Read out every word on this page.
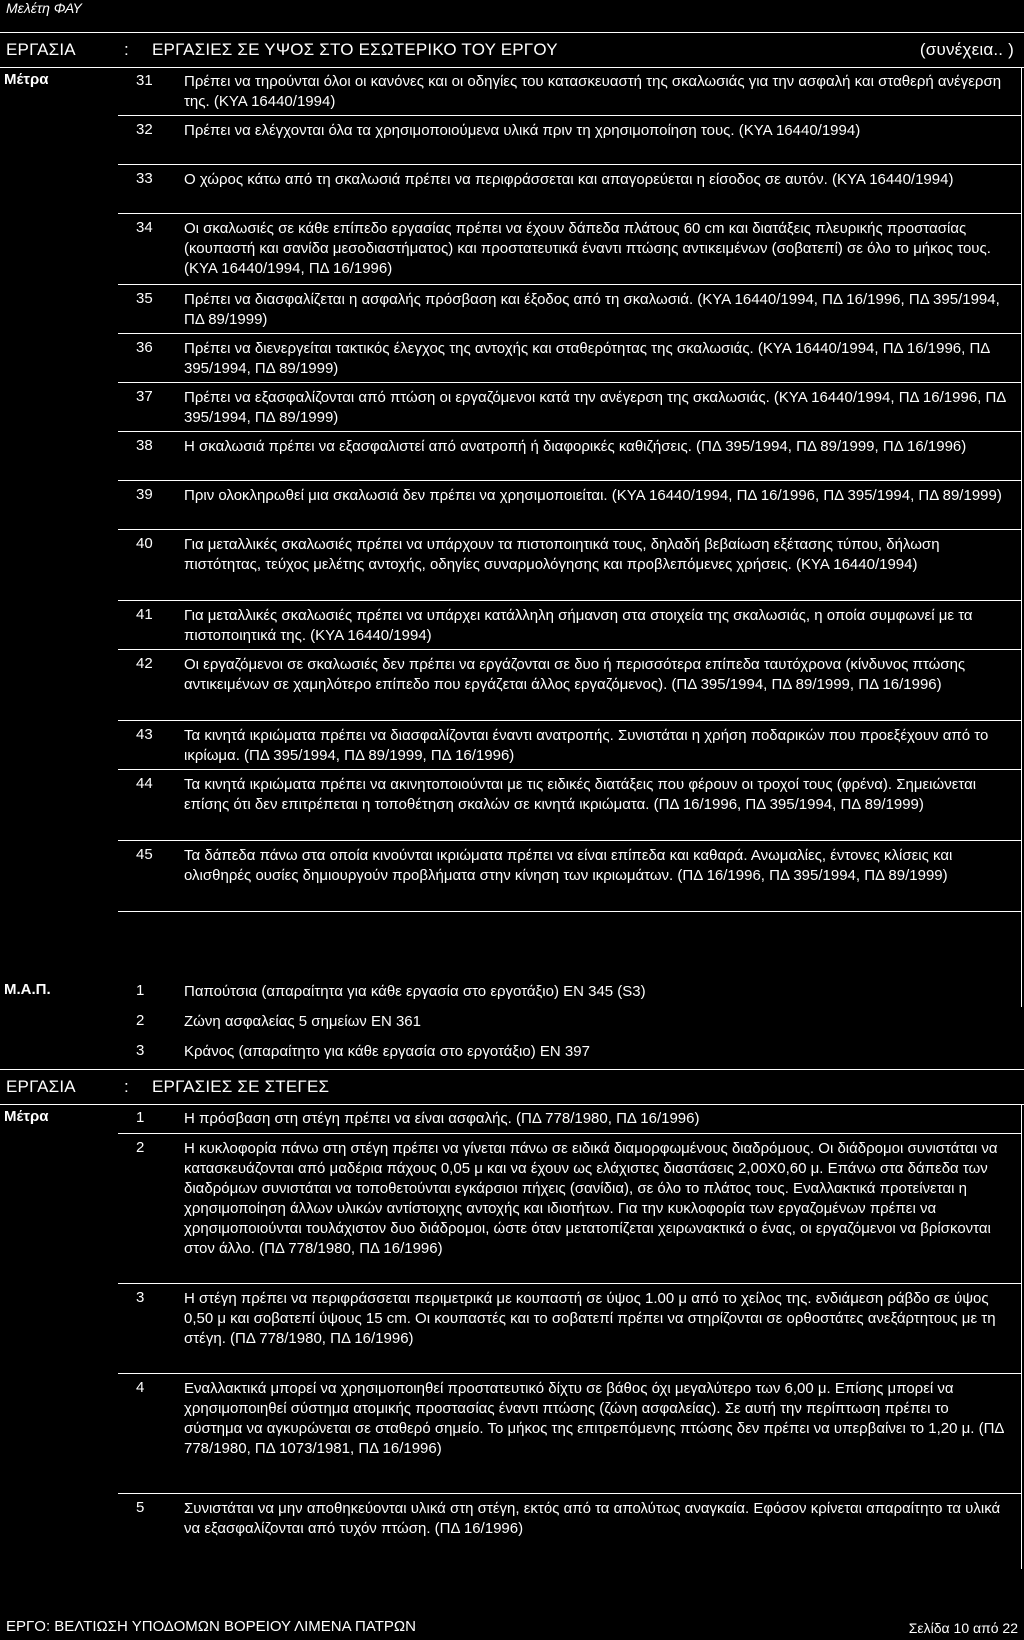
Μελέτη ΦΑΥ
ΕΡΓΑΣΙΑ	:	ΕΡΓΑΣΙΕΣ ΣΕ ΥΨΟΣ ΣΤΟ ΕΣΩΤΕΡΙΚΟ ΤΟΥ ΕΡΓΟΥ	(συνέχεια.. )
Μέτρα	31	Πρέπει να τηρούνται όλοι οι κανόνες και οι οδηγίες του κατασκευαστή της σκαλωσιάς για την ασφαλή και σταθερή ανέγερση της. (ΚΥΑ 16440/1994)
32	Πρέπει να ελέγχονται όλα τα χρησιμοποιούμενα υλικά πριν τη χρησιμοποίηση τους. (ΚΥΑ 16440/1994)
33	Ο χώρος κάτω από τη σκαλωσιά πρέπει να περιφράσσεται και απαγορεύεται η είσοδος σε αυτόν. (ΚΥΑ 16440/1994)
34	Οι σκαλωσιές σε κάθε επίπεδο εργασίας πρέπει να έχουν δάπεδα πλάτους 60 cm και διατάξεις πλευρικής προστασίας (κουπαστή και σανίδα μεσοδιαστήματος) και προστατευτικά έναντι πτώσης αντικειμένων (σοβατεπί) σε όλο το μήκος τους. (ΚΥΑ 16440/1994, ΠΔ 16/1996)
35	Πρέπει να διασφαλίζεται η ασφαλής πρόσβαση και έξοδος από τη σκαλωσιά. (ΚΥΑ 16440/1994, ΠΔ 16/1996, ΠΔ 395/1994, ΠΔ 89/1999)
36	Πρέπει να διενεργείται τακτικός έλεγχος της αντοχής και σταθερότητας της σκαλωσιάς. (ΚΥΑ 16440/1994, ΠΔ 16/1996, ΠΔ 395/1994, ΠΔ 89/1999)
37	Πρέπει να εξασφαλίζονται από πτώση οι εργαζόμενοι κατά την ανέγερση της σκαλωσιάς. (ΚΥΑ 16440/1994, ΠΔ 16/1996, ΠΔ 395/1994, ΠΔ 89/1999)
38	Η σκαλωσιά πρέπει να εξασφαλιστεί από ανατροπή ή διαφορικές καθιζήσεις. (ΠΔ 395/1994, ΠΔ 89/1999, ΠΔ 16/1996)
39	Πριν ολοκληρωθεί μια σκαλωσιά δεν πρέπει να χρησιμοποιείται. (ΚΥΑ 16440/1994, ΠΔ 16/1996, ΠΔ 395/1994, ΠΔ 89/1999)
40	Για μεταλλικές σκαλωσιές πρέπει να υπάρχουν τα πιστοποιητικά τους, δηλαδή βεβαίωση εξέτασης τύπου, δήλωση πιστότητας, τεύχος μελέτης αντοχής, οδηγίες συναρμολόγησης και προβλεπόμενες χρήσεις. (ΚΥΑ 16440/1994)
41	Για μεταλλικές σκαλωσιές πρέπει να υπάρχει κατάλληλη σήμανση στα στοιχεία της σκαλωσιάς, η οποία συμφωνεί με τα πιστοποιητικά της. (ΚΥΑ 16440/1994)
42	Οι εργαζόμενοι σε σκαλωσιές δεν πρέπει να εργάζονται σε δυο ή περισσότερα επίπεδα ταυτόχρονα (κίνδυνος πτώσης αντικειμένων σε χαμηλότερο επίπεδο που εργάζεται άλλος εργαζόμενος). (ΠΔ 395/1994, ΠΔ 89/1999, ΠΔ 16/1996)
43	Τα κινητά ικριώματα πρέπει να διασφαλίζονται έναντι ανατροπής. Συνιστάται η χρήση ποδαρικών που προεξέχουν από το ικρίωμα. (ΠΔ 395/1994, ΠΔ 89/1999, ΠΔ 16/1996)
44	Τα κινητά ικριώματα πρέπει να ακινητοποιούνται με τις ειδικές διατάξεις που φέρουν οι τροχοί τους (φρένα). Σημειώνεται επίσης ότι δεν επιτρέπεται η τοποθέτηση σκαλών σε κινητά ικριώματα. (ΠΔ 16/1996, ΠΔ 395/1994, ΠΔ 89/1999)
45	Τα δάπεδα πάνω στα οποία κινούνται ικριώματα πρέπει να είναι επίπεδα και καθαρά. Ανωμαλίες, έντονες κλίσεις και ολισθηρές ουσίες δημιουργούν προβλήματα στην κίνηση των ικριωμάτων. (ΠΔ 16/1996, ΠΔ 395/1994, ΠΔ 89/1999)
Μ.Α.Π.	1	Παπούτσια (απαραίτητα για κάθε εργασία στο εργοτάξιο) EN 345 (S3)
2	Ζώνη ασφαλείας 5 σημείων EN 361
3	Κράνος (απαραίτητο για κάθε εργασία στο εργοτάξιο) EN 397
ΕΡΓΑΣΙΑ	:	ΕΡΓΑΣΙΕΣ ΣΕ ΣΤΕΓΕΣ
Μέτρα	1	Η πρόσβαση στη στέγη πρέπει να είναι ασφαλής. (ΠΔ 778/1980, ΠΔ 16/1996)
2	Η κυκλοφορία πάνω στη στέγη πρέπει να γίνεται πάνω σε ειδικά διαμορφωμένους διαδρόμους. Οι διάδρομοι συνιστάται να κατασκευάζονται από μαδέρια πάχους 0,05 μ και να έχουν ως ελάχιστες διαστάσεις 2,00Χ0,60 μ. Επάνω στα δάπεδα των διαδρόμων συνιστάται να τοποθετούνται εγκάρσιοι πήχεις (σανίδια), σε όλο το πλάτος τους. Εναλλακτικά προτείνεται η χρησιμοποίηση άλλων υλικών αντίστοιχης αντοχής και ιδιοτήτων. Για την κυκλοφορία των εργαζομένων πρέπει να χρησιμοποιούνται τουλάχιστον δυο διάδρομοι, ώστε όταν μετατοπίζεται χειρωνακτικά ο ένας, οι εργαζόμενοι να βρίσκονται στον άλλο. (ΠΔ 778/1980, ΠΔ 16/1996)
3	Η στέγη πρέπει να περιφράσσεται περιμετρικά με κουπαστή σε ύψος 1.00 μ από το χείλος της. ενδιάμεση ράβδο σε ύψος 0,50 μ και σοβατεπί ύψους 15 cm. Οι κουπαστές και το σοβατεπί πρέπει να στηρίζονται σε ορθοστάτες ανεξάρτητους με τη στέγη. (ΠΔ 778/1980, ΠΔ 16/1996)
4	Εναλλακτικά μπορεί να χρησιμοποιηθεί προστατευτικό δίχτυ σε βάθος όχι μεγαλύτερο των 6,00 μ. Επίσης μπορεί να χρησιμοποιηθεί σύστημα ατομικής προστασίας έναντι πτώσης (ζώνη ασφαλείας). Σε αυτή την περίπτωση πρέπει το σύστημα να αγκυρώνεται σε σταθερό σημείο. Το μήκος της επιτρεπόμενης πτώσης δεν πρέπει να υπερβαίνει το 1,20 μ. (ΠΔ 778/1980, ΠΔ 1073/1981, ΠΔ 16/1996)
5	Συνιστάται να μην αποθηκεύονται υλικά στη στέγη, εκτός από τα απολύτως αναγκαία. Εφόσον κρίνεται απαραίτητο τα υλικά να εξασφαλίζονται από τυχόν πτώση. (ΠΔ 16/1996)
ΕΡΓΟ: ΒΕΛΤΙΩΣΗ ΥΠΟΔΟΜΩΝ ΒΟΡΕΙΟΥ ΛΙΜΕΝΑ ΠΑΤΡΩΝ	Σελίδα 10 από 22
